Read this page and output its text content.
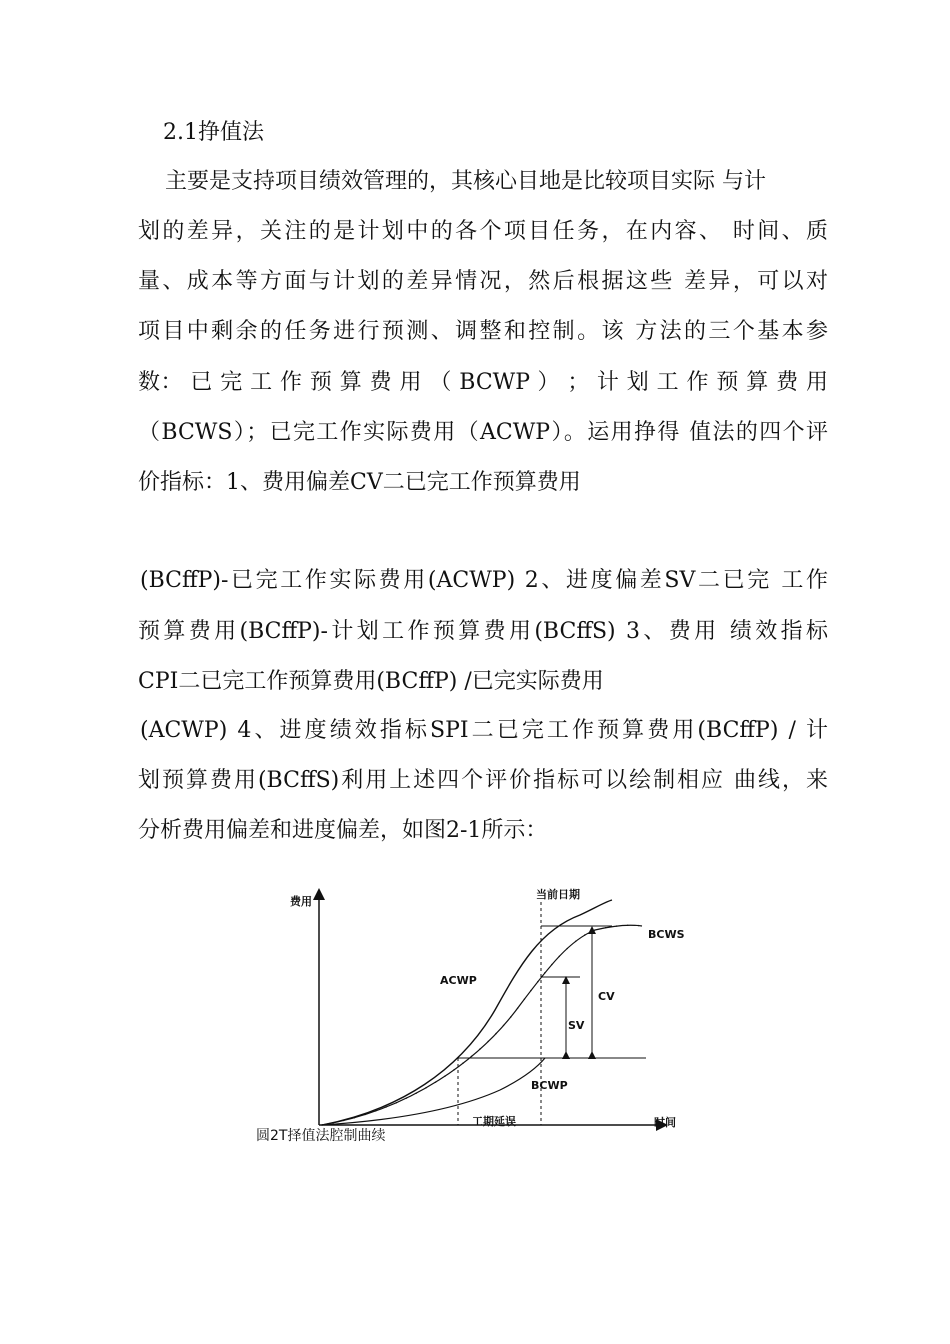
2.1挣值法
主要是支持项目绩效管理的，其核心目地是比较项目实际 与计
划的差异，关注的是计划中的各个项目任务，在内容、 时间、质
量、成本等方面与计划的差异情况，然后根据这些 差异，可以对
项目中剩余的任务进行预测、调整和控制。该 方法的三个基本参
数： 已 完 工 作 预 算 费 用 （ BCWP ） ； 计 划 工 作 预 算 费 用
（BCWS）；已完工作实际费用（ACWP）。运用挣得 值法的四个评
价指标：1、费用偏差CV二已完工作预算费用
(BCffP)-已完工作实际费用(ACWP) 2、进度偏差SV二已完 工作
预算费用(BCffP)-计划工作预算费用(BCffS) 3、费用 绩效指标
CPI二已完工作预算费用(BCffP) /已完实际费用
(ACWP) 4、进度绩效指标SPI二已完工作预算费用(BCffP) / 计
划预算费用(BCffS)利用上述四个评价指标可以绘制相应 曲线，来
分析费用偏差和进度偏差，如图2-1所示：
费用
时间
当前日期
工期延误
ACWP
BCWS
BCWP
CV
SV
圆2T择值法腔制曲续
